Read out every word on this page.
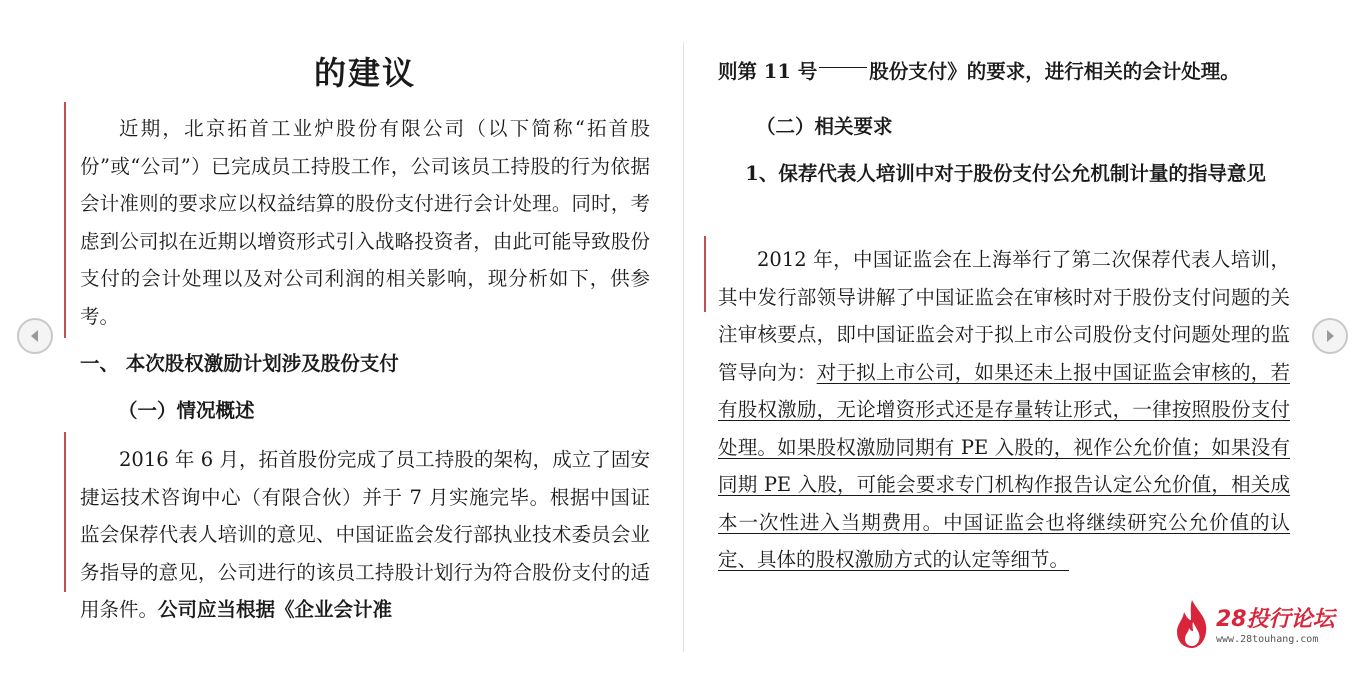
的建议

近期，北京拓首工业炉股份有限公司（以下简称“拓首股份”或“公司”）已完成员工持股工作，公司该员工持股的行为依据会计准则的要求应以权益结算的股份支付进行会计处理。同时，考虑到公司拟在近期以增资形式引入战略投资者，由此可能导致股份支付的会计处理以及对公司利润的相关影响，现分析如下，供参考。

一、 本次股权激励计划涉及股份支付
（一）情况概述

2016 年 6 月，拓首股份完成了员工持股的架构，成立了固安捷运技术咨询中心（有限合伙）并于 7 月实施完毕。根据中国证监会保荐代表人培训的意见、中国证监会发行部执业技术委员会业务指导的意见，公司进行的该员工持股计划行为符合股份支付的适用条件。公司应当根据《企业会计准

则第 11 号	股份支付》的要求，进行相关的会计处理。
（二）相关要求

1、保荐代表人培训中对于股份支付公允机制计量的指导意见

2012 年，中国证监会在上海举行了第二次保荐代表人培训，其中发行部领导讲解了中国证监会在审核时对于股份支付问题的关注审核要点，即中国证监会对于拟上市公司股份支付问题处理的监管导向为：对于拟上市公司，如果还未上报中国证监会审核的，若有股权激励，无论增资形式还是存量转让形式，一律按照股份支付处理。如果股权激励同期有 PE 入股的，视作公允价值；如果没有同期 PE 入股，可能会要求专门机构作报告认定公允价值，相关成本一次性进入当期费用。中国证监会也将继续研究公允价值的认定、具体的股权激励方式的认定等细节。

28投行论坛
www.28touhang.com
